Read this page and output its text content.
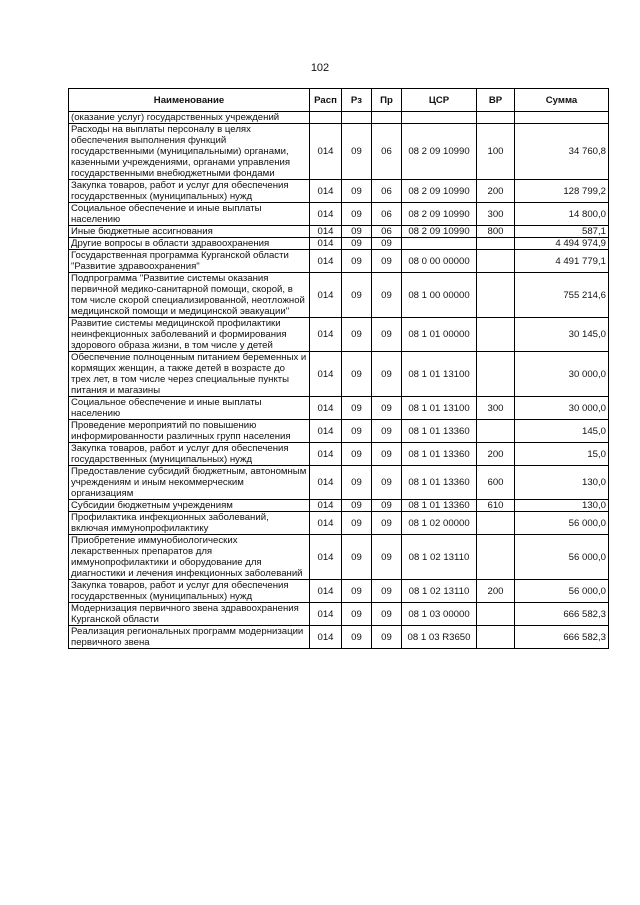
102
Наименование	Расп	Рз	Пр	ЦСР	ВР	Сумма
(оказание услуг) государственных учреждений						
Расходы на выплаты персоналу в целях обеспечения выполнения функций государственными (муниципальными) органами, казенными учреждениями, органами управления государственными внебюджетными фондами	014	09	06	08 2 09 10990	100	34 760,8
Закупка товаров, работ и услуг для обеспечения государственных (муниципальных) нужд	014	09	06	08 2 09 10990	200	128 799,2
Социальное обеспечение и иные выплаты населению	014	09	06	08 2 09 10990	300	14 800,0
Иные бюджетные ассигнования	014	09	06	08 2 09 10990	800	587,1
Другие вопросы в области здравоохранения	014	09	09			4 494 974,9
Государственная программа Курганской области "Развитие здравоохранения"	014	09	09	08 0 00 00000		4 491 779,1
Подпрограмма "Развитие системы оказания первичной медико-санитарной помощи, скорой, в том числе скорой специализированной, неотложной медицинской помощи и медицинской эвакуации"	014	09	09	08 1 00 00000		755 214,6
Развитие системы медицинской профилактики неинфекционных заболеваний и формирования здорового образа жизни, в том числе у детей	014	09	09	08 1 01 00000		30 145,0
Обеспечение полноценным питанием беременных и кормящих женщин, а также детей в возрасте до трех лет, в том числе через специальные пункты питания и магазины	014	09	09	08 1 01 13100		30 000,0
Социальное обеспечение и иные выплаты населению	014	09	09	08 1 01 13100	300	30 000,0
Проведение мероприятий по повышению информированности различных групп населения	014	09	09	08 1 01 13360		145,0
Закупка товаров, работ и услуг для обеспечения государственных (муниципальных) нужд	014	09	09	08 1 01 13360	200	15,0
Предоставление субсидий бюджетным, автономным учреждениям и иным некоммерческим организациям	014	09	09	08 1 01 13360	600	130,0
Субсидии бюджетным учреждениям	014	09	09	08 1 01 13360	610	130,0
Профилактика инфекционных заболеваний, включая иммунопрофилактику	014	09	09	08 1 02 00000		56 000,0
Приобретение иммунобиологических лекарственных препаратов для иммунопрофилактики и оборудование для диагностики и лечения инфекционных заболеваний	014	09	09	08 1 02 13110		56 000,0
Закупка товаров, работ и услуг для обеспечения государственных (муниципальных) нужд	014	09	09	08 1 02 13110	200	56 000,0
Модернизация первичного звена здравоохранения Курганской области	014	09	09	08 1 03 00000		666 582,3
Реализация региональных программ модернизации первичного звена	014	09	09	08 1 03 R3650		666 582,3
